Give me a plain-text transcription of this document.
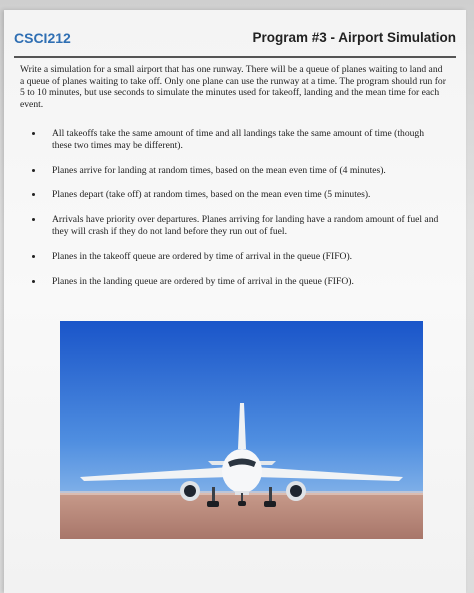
CSCI212	Program #3 - Airport Simulation
Write a simulation for a small airport that has one runway. There will be a queue of planes waiting to land and a queue of planes waiting to take off. Only one plane can use the runway at a time. The program should run for 5 to 10 minutes, but use seconds to simulate the minutes used for takeoff, landing and the mean time for each event.
All takeoffs take the same amount of time and all landings take the same amount of time (though these two times may be different).
Planes arrive for landing at random times, based on the mean even time of (4 minutes).
Planes depart (take off) at random times, based on the mean even time (5 minutes).
Arrivals have priority over departures. Planes arriving for landing have a random amount of fuel and they will crash if they do not land before they run out of fuel.
Planes in the takeoff queue are ordered by time of arrival in the queue (FIFO).
Planes in the landing queue are ordered by time of arrival in the queue (FIFO).
